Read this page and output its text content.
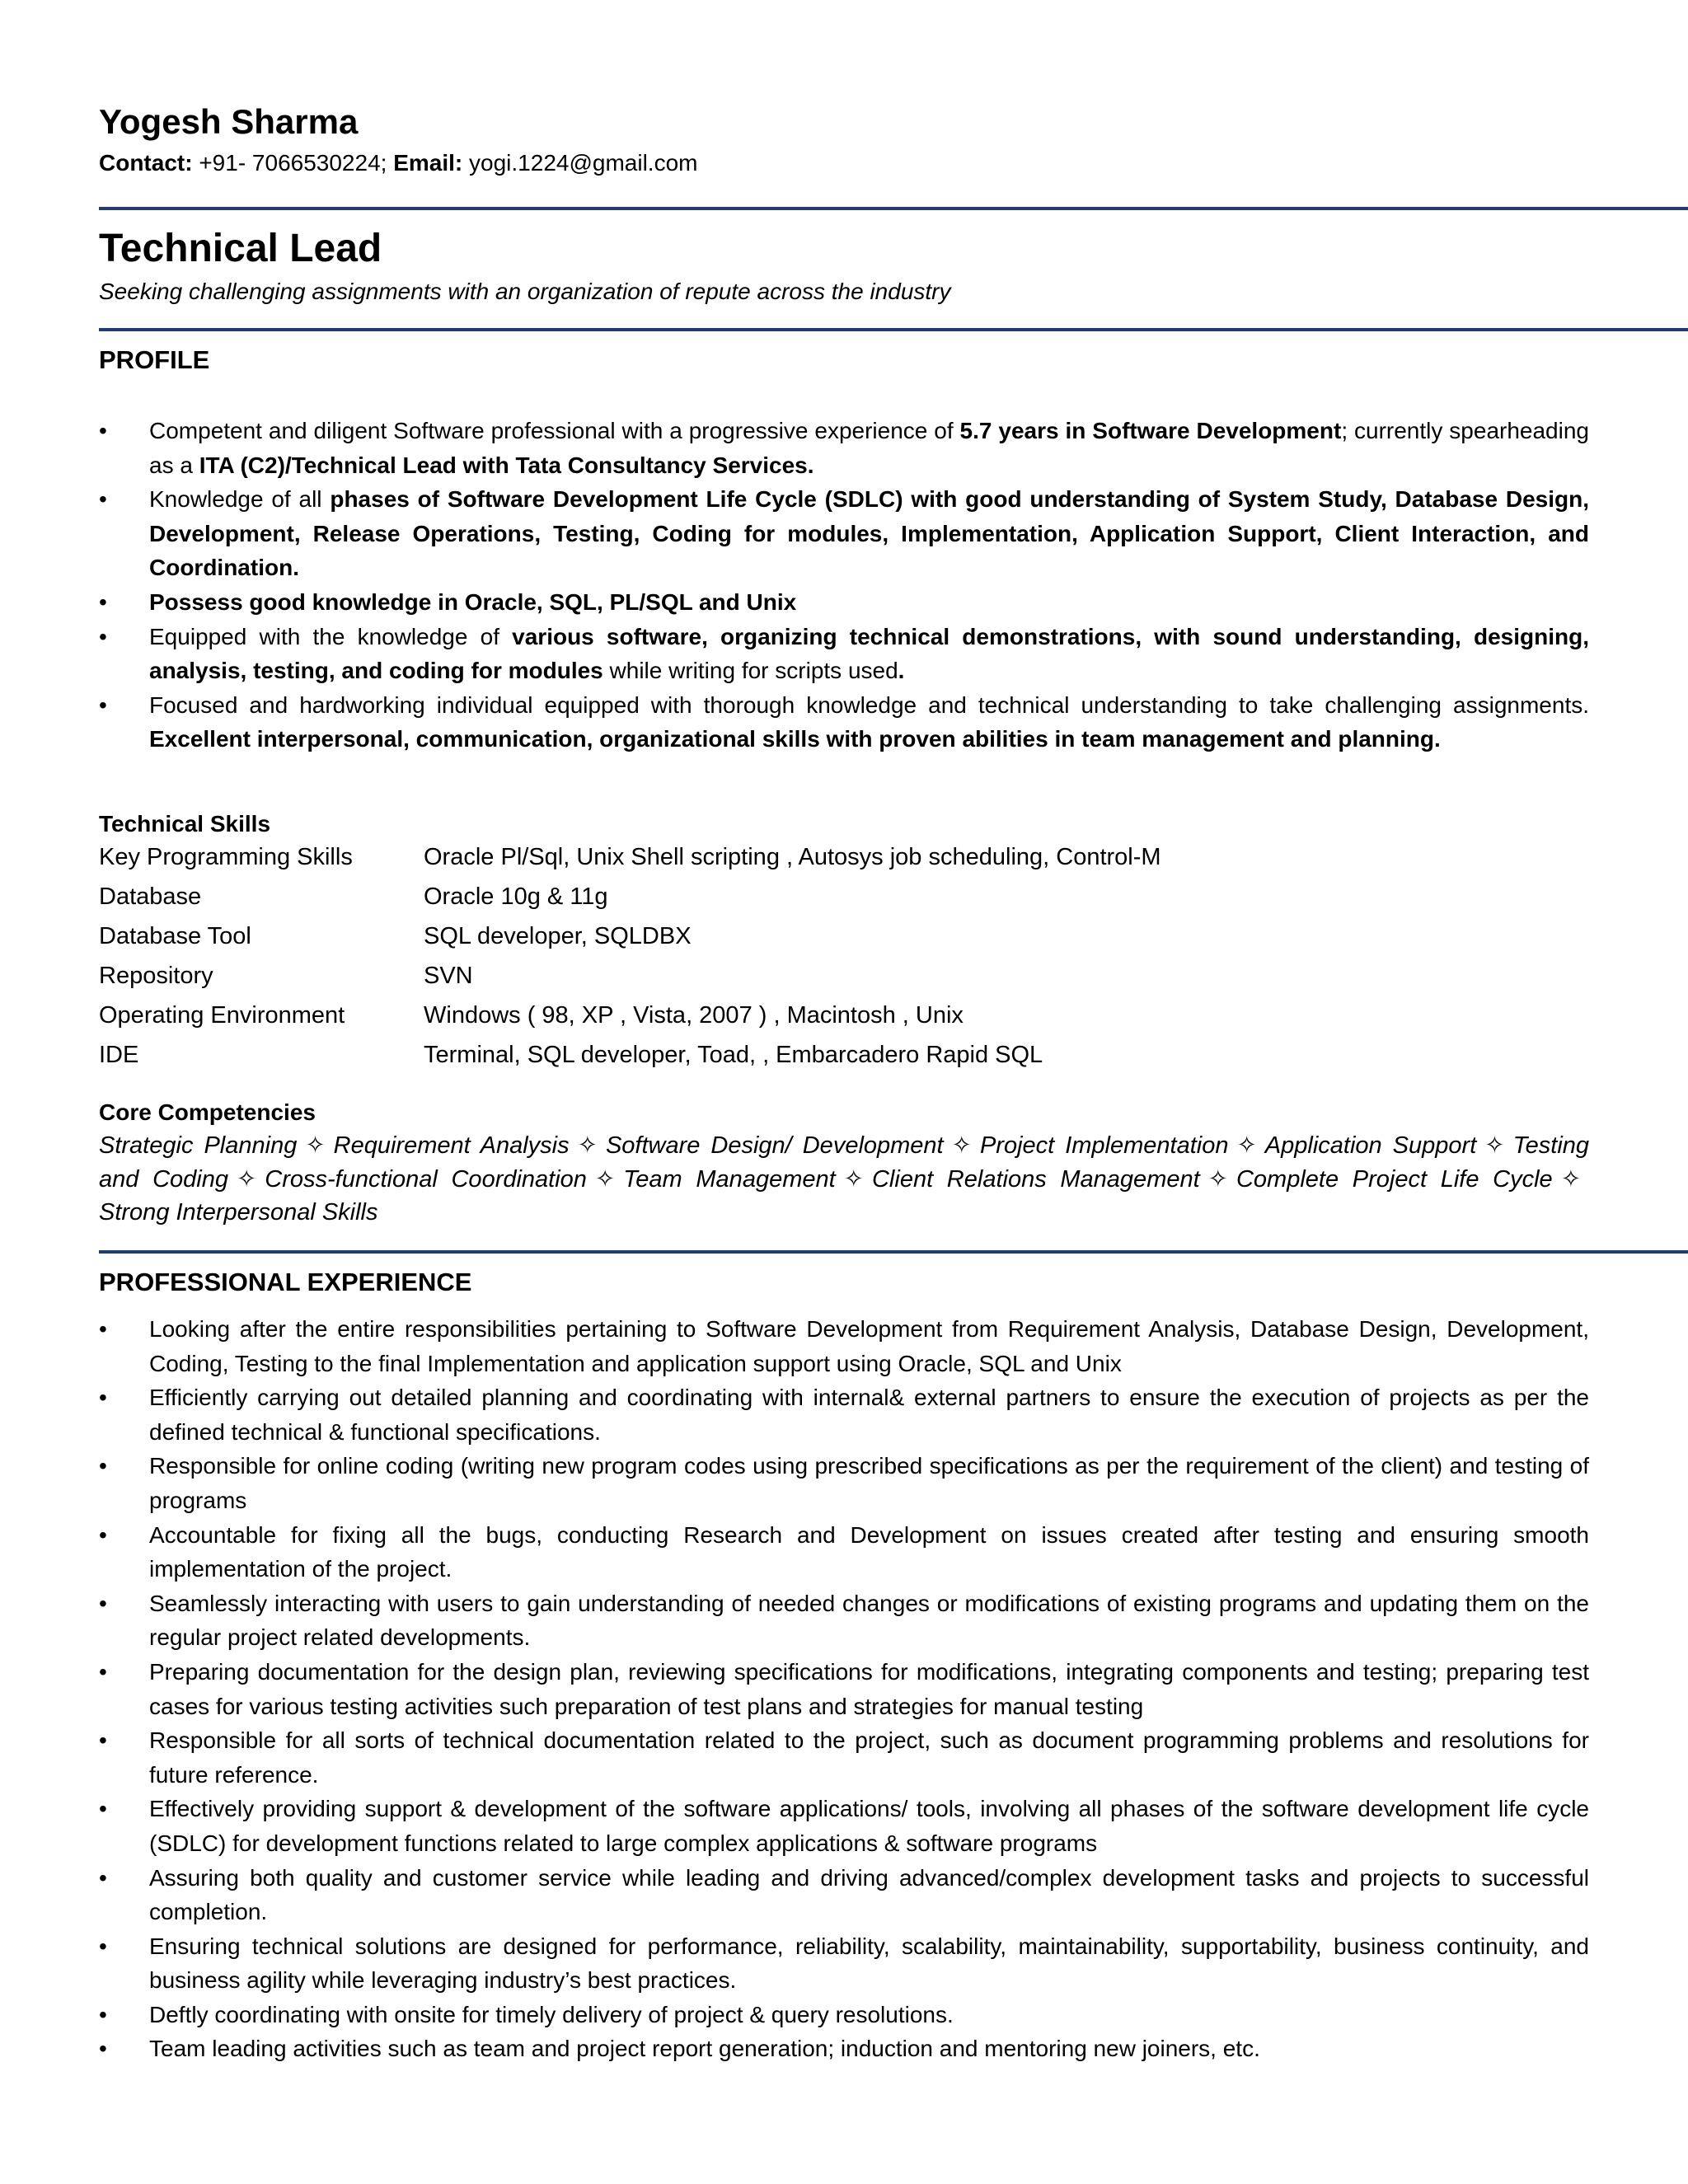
Yogesh Sharma
Contact: +91- 7066530224; Email: yogi.1224@gmail.com
Technical Lead
Seeking challenging assignments with an organization of repute across the industry
PROFILE
• Competent and diligent Software professional with a progressive experience of 5.7 years in Software Development; currently spearheading as a ITA (C2)/Technical Lead with Tata Consultancy Services.
• Knowledge of all phases of Software Development Life Cycle (SDLC) with good understanding of System Study, Database Design, Development, Release Operations, Testing, Coding for modules, Implementation, Application Support, Client Interaction, and Coordination.
• Possess good knowledge in Oracle, SQL, PL/SQL and Unix
• Equipped with the knowledge of various software, organizing technical demonstrations, with sound understanding, designing, analysis, testing, and coding for modules while writing for scripts used.
• Focused and hardworking individual equipped with thorough knowledge and technical understanding to take challenging assignments. Excellent interpersonal, communication, organizational skills with proven abilities in team management and planning.
Technical Skills
Key Programming Skills	Oracle Pl/Sql, Unix Shell scripting , Autosys job scheduling, Control-M
Database	Oracle 10g & 11g
Database Tool	SQL developer, SQLDBX
Repository	SVN
Operating Environment	Windows ( 98, XP , Vista, 2007 ) , Macintosh , Unix
IDE	Terminal, SQL developer, Toad, , Embarcadero Rapid SQL
Core Competencies
Strategic Planning ✧ Requirement Analysis ✧ Software Design/ Development ✧ Project Implementation ✧ Application Support ✧ Testing and Coding ✧ Cross-functional Coordination ✧ Team Management ✧ Client Relations Management ✧ Complete Project Life Cycle ✧Strong Interpersonal Skills
PROFESSIONAL EXPERIENCE
• Looking after the entire responsibilities pertaining to Software Development from Requirement Analysis, Database Design, Development, Coding, Testing to the final Implementation and application support using Oracle, SQL and Unix
• Efficiently carrying out detailed planning and coordinating with internal& external partners to ensure the execution of projects as per the defined technical & functional specifications.
• Responsible for online coding (writing new program codes using prescribed specifications as per the requirement of the client) and testing of programs
• Accountable for fixing all the bugs, conducting Research and Development on issues created after testing and ensuring smooth implementation of the project.
• Seamlessly interacting with users to gain understanding of needed changes or modifications of existing programs and updating them on the regular project related developments.
• Preparing documentation for the design plan, reviewing specifications for modifications, integrating components and testing; preparing test cases for various testing activities such preparation of test plans and strategies for manual testing
• Responsible for all sorts of technical documentation related to the project, such as document programming problems and resolutions for future reference.
• Effectively providing support & development of the software applications/ tools, involving all phases of the software development life cycle (SDLC) for development functions related to large complex applications & software programs
• Assuring both quality and customer service while leading and driving advanced/complex development tasks and projects to successful completion.
• Ensuring technical solutions are designed for performance, reliability, scalability, maintainability, supportability, business continuity, and business agility while leveraging industry’s best practices.
• Deftly coordinating with onsite for timely delivery of project & query resolutions.
• Team leading activities such as team and project report generation; induction and mentoring new joiners, etc.
